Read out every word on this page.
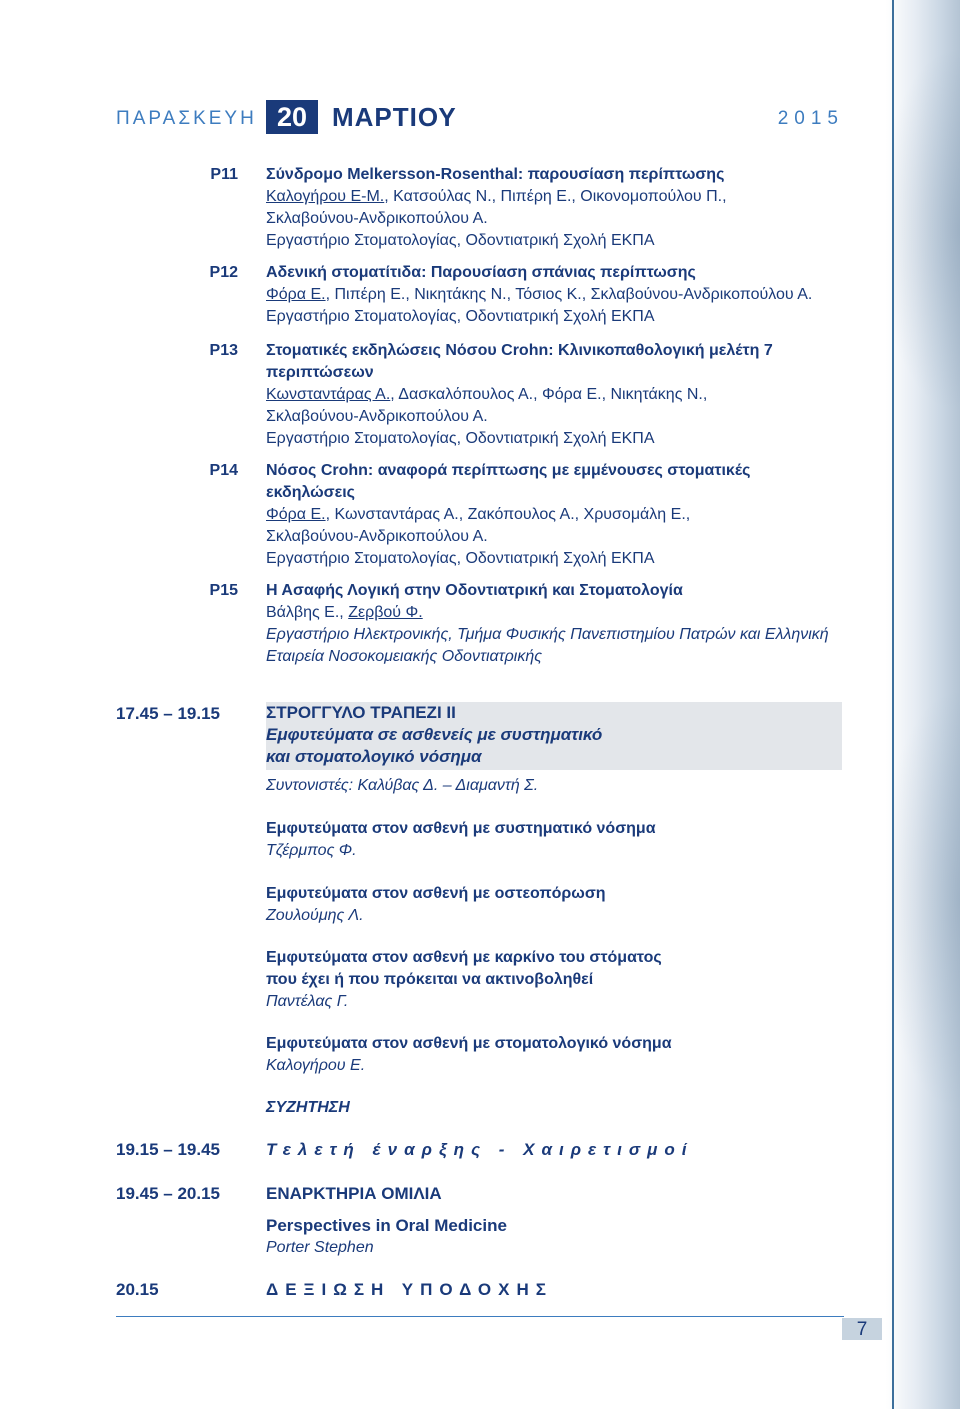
ΠΑΡΑΣΚΕΥΗ 20 ΜΑΡΤΙΟΥ	2015
P11 Σύνδρομο Melkersson-Rosenthal: παρουσίαση περίπτωσης
Καλογήρου Ε-Μ., Κατσούλας Ν., Πιπέρη Ε., Οικονομοπούλου Π.,
Σκλαβούνου-Ανδρικοπούλου Α.
Εργαστήριο Στοματολογίας, Οδοντιατρική Σχολή ΕΚΠΑ
P12 Αδενική στοματίτιδα: Παρουσίαση σπάνιας περίπτωσης
Φόρα Ε., Πιπέρη Ε., Νικητάκης Ν., Τόσιος Κ., Σκλαβούνου-Ανδρικοπούλου Α.
Εργαστήριο Στοματολογίας, Οδοντιατρική Σχολή ΕΚΠΑ
P13 Στοματικές εκδηλώσεις Νόσου Crohn: Κλινικοπαθολογική μελέτη 7
περιπτώσεων
Κωνσταντάρας Α., Δασκαλόπουλος Α., Φόρα Ε., Νικητάκης Ν.,
Σκλαβούνου-Ανδρικοπούλου Α.
Εργαστήριο Στοματολογίας, Οδοντιατρική Σχολή ΕΚΠΑ
P14 Νόσος Crohn: αναφορά περίπτωσης με εμμένουσες στοματικές
εκδηλώσεις
Φόρα Ε., Κωνσταντάρας Α., Ζακόπουλος Α., Χρυσομάλη Ε.,
Σκλαβούνου-Ανδρικοπούλου Α.
Εργαστήριο Στοματολογίας, Οδοντιατρική Σχολή ΕΚΠΑ
P15 Η Ασαφής Λογική στην Οδοντιατρική και Στοματολογία
Βάλβης Ε., Ζερβού Φ.
Εργαστήριο Ηλεκτρονικής, Τμήμα Φυσικής Πανεπιστημίου Πατρών και Ελληνική
Εταιρεία Νοσοκομειακής Οδοντιατρικής
17.45 – 19.15	ΣΤΡΟΓΓΥΛΟ ΤΡΑΠΕΖΙ ΙΙ
Εμφυτεύματα σε ασθενείς με συστηματικό
και στοματολογικό νόσημα
Συντονιστές: Καλύβας Δ. – Διαμαντή Σ.
Εμφυτεύματα στον ασθενή με συστηματικό νόσημα
Τζέρμπος Φ.
Εμφυτεύματα στον ασθενή με οστεοπόρωση
Ζουλούμης Λ.
Εμφυτεύματα στον ασθενή με καρκίνο του στόματος
που έχει ή που πρόκειται να ακτινοβοληθεί
Παντέλας Γ.
Εμφυτεύματα στον ασθενή με στοματολογικό νόσημα
Καλογήρου Ε.
ΣΥΖΗΤΗΣΗ
19.15 – 19.45	Τελετή έναρξης - Χαιρετισμοί
19.45 – 20.15	ΕΝΑΡΚΤΗΡΙΑ ΟΜΙΛΙΑ
Perspectives in Oral Medicine
Porter Stephen
20.15	ΔΕΞΙΩΣΗ ΥΠΟΔΟΧΗΣ
7
